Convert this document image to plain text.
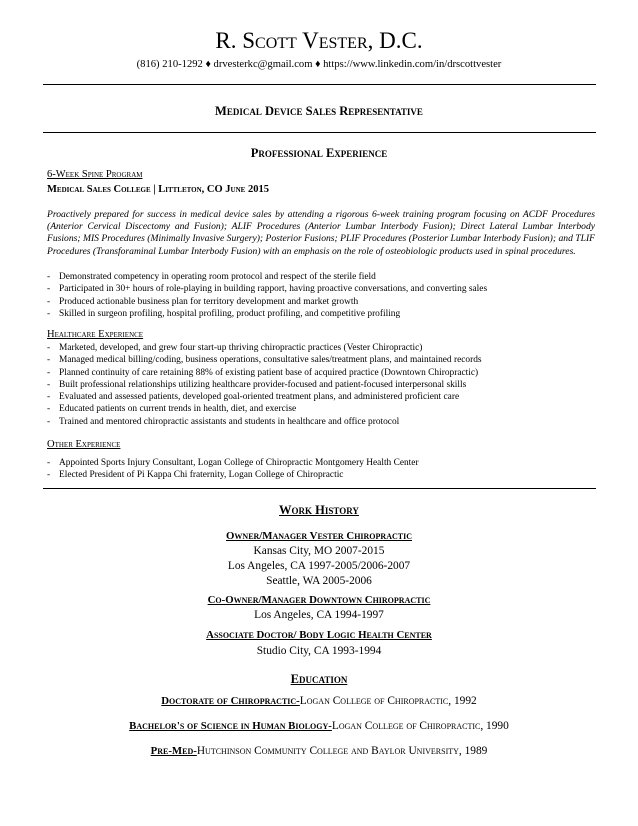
R. Scott Vester, D.C.
(816) 210-1292 ♦ drvesterkc@gmail.com ♦ https://www.linkedin.com/in/drscottvester
Medical Device Sales Representative
Professional Experience
6-Week Spine Program
Medical Sales College | Littleton, CO June 2015
Proactively prepared for success in medical device sales by attending a rigorous 6-week training program focusing on ACDF Procedures (Anterior Cervical Discectomy and Fusion); ALIF Procedures (Anterior Lumbar Interbody Fusion); Direct Lateral Lumbar Interbody Fusions; MIS Procedures (Minimally Invasive Surgery); Posterior Fusions; PLIF Procedures (Posterior Lumbar Interbody Fusion); and TLIF Procedures (Transforaminal Lumbar Interbody Fusion) with an emphasis on the role of osteobiologic products used in spinal procedures.
- Demonstrated competency in operating room protocol and respect of the sterile field
- Participated in 30+ hours of role-playing in building rapport, having proactive conversations, and converting sales
- Produced actionable business plan for territory development and market growth
- Skilled in surgeon profiling, hospital profiling, product profiling, and competitive profiling
Healthcare Experience
- Marketed, developed, and grew four start-up thriving chiropractic practices (Vester Chiropractic)
- Managed medical billing/coding, business operations, consultative sales/treatment plans, and maintained records
- Planned continuity of care retaining 88% of existing patient base of acquired practice (Downtown Chiropractic)
- Built professional relationships utilizing healthcare provider-focused and patient-focused interpersonal skills
- Evaluated and assessed patients, developed goal-oriented treatment plans, and administered proficient care
- Educated patients on current trends in health, diet, and exercise
- Trained and mentored chiropractic assistants and students in healthcare and office protocol
Other Experience
- Appointed Sports Injury Consultant, Logan College of Chiropractic Montgomery Health Center
- Elected President of Pi Kappa Chi fraternity, Logan College of Chiropractic
Work History
Owner/Manager Vester Chiropractic
Kansas City, MO 2007-2015
Los Angeles, CA 1997-2005/2006-2007
Seattle, WA 2005-2006
Co-Owner/Manager Downtown Chiropractic
Los Angeles, CA 1994-1997
Associate Doctor/ Body Logic Health Center
Studio City, CA 1993-1994
Education
Doctorate of Chiropractic-Logan College of Chiropractic, 1992
Bachelor's of Science in Human Biology-Logan College of Chiropractic, 1990
Pre-Med-Hutchinson Community College and Baylor University, 1989
